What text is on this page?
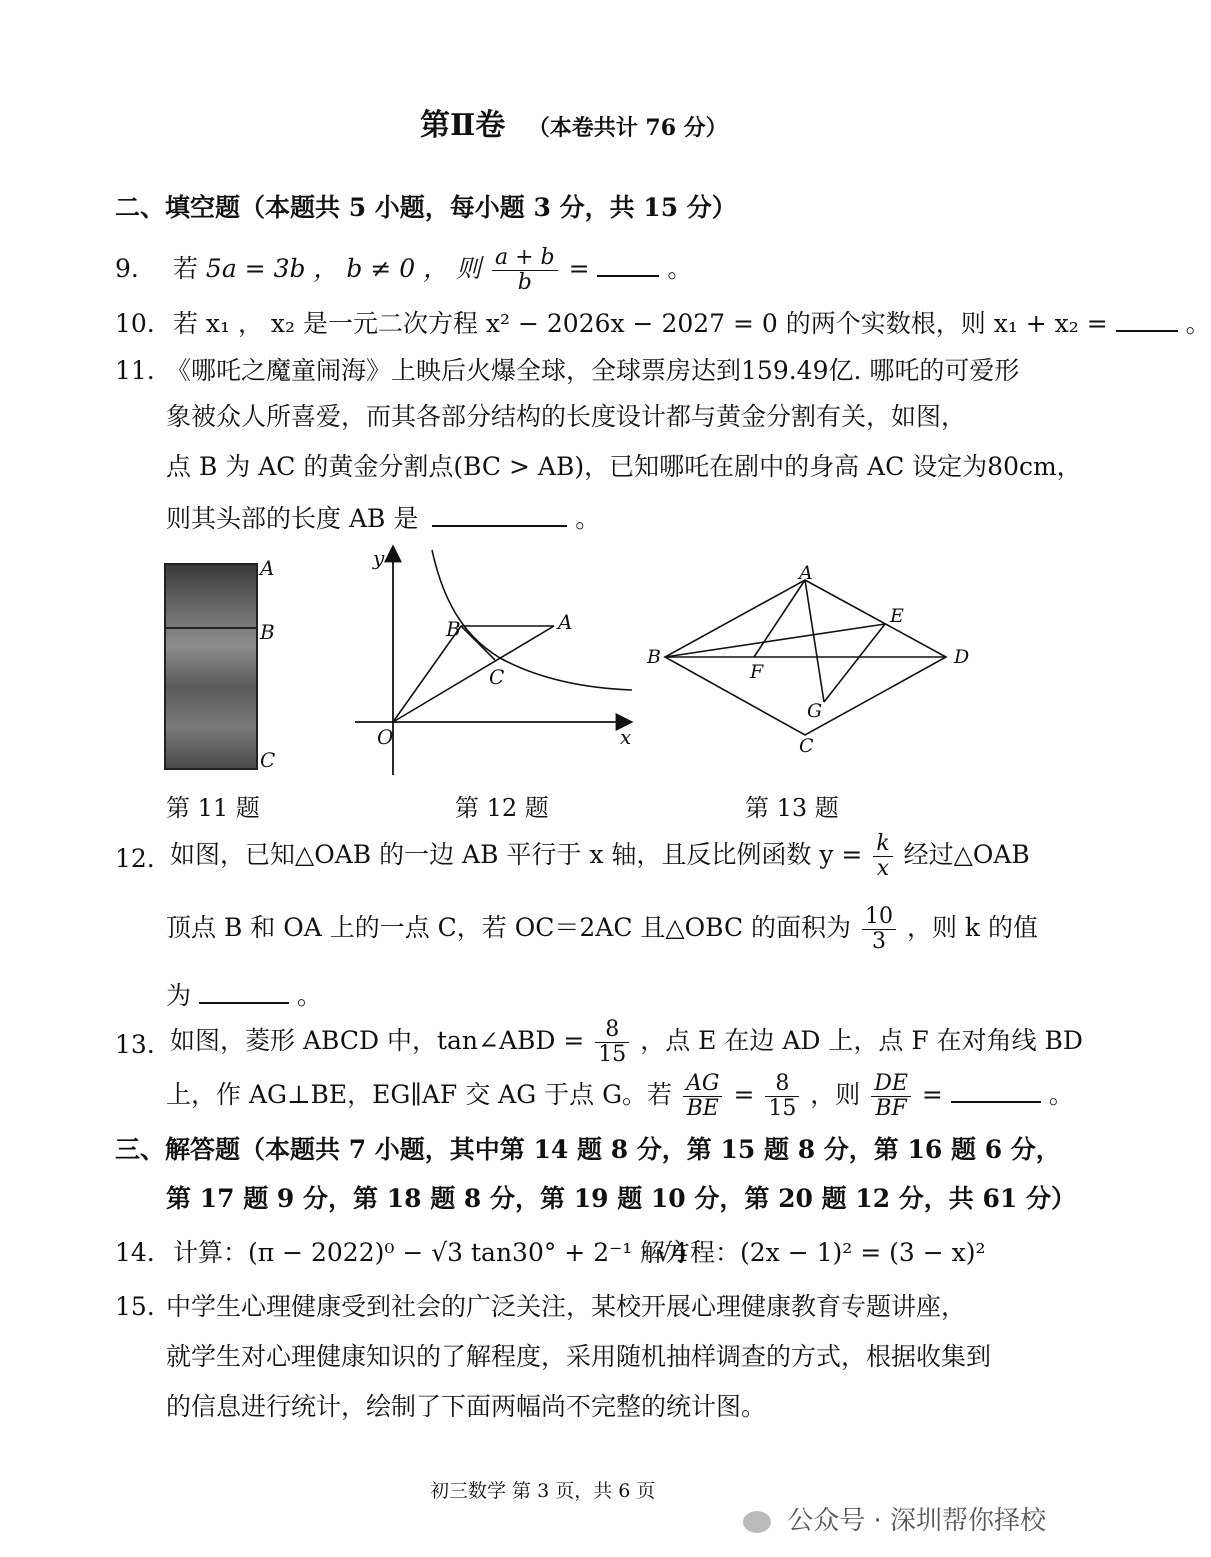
第Ⅱ卷 （本卷共计 76 分）
二、填空题（本题共 5 小题，每小题 3 分，共 15 分）
9. 若 5a = 3b ， b ≠ 0 ， 则 $\frac{a + b}{b}$ =	。
10. 若 x₁ ， x₂ 是一元二次方程 x² − 2026x − 2027 = 0 的两个实数根，则 x₁ + x₂ =	。
11. 《哪吒之魔童闹海》上映后火爆全球，全球票房达到159.49亿. 哪吒的可爱形
象被众人所喜爱，而其各部分结构的长度设计都与黄金分割有关，如图，
点 B 为 AC 的黄金分割点(BC > AB)，已知哪吒在剧中的身高 AC 设定为80cm，
则其头部的长度 AB 是	。
A
B
C
y
x
O
A
B
C
A
B
C
D
E
F
G
第 11 题	第 12 题	第 13 题
12. 如图，已知△OAB 的一边 AB 平行于 x 轴，且反比例函数 $y = \frac{k}{x}$ 经过△OAB
顶点 B 和 OA 上的一点 C，若 OC＝2AC 且△OBC 的面积为 $\frac{10}{3}$ ，则 k 的值
为	。
13. 如图，菱形 ABCD 中，tan∠ABD = $\frac{8}{15}$ ，点 E 在边 AD 上，点 F 在对角线 BD
上，作 AG⊥BE，EG∥AF 交 AG 于点 G。若 $\frac{AG}{BE} = \frac{8}{15}$ ，则 $\frac{DE}{BF}$ =	。
三、解答题（本题共 7 小题，其中第 14 题 8 分，第 15 题 8 分，第 16 题 6 分，
第 17 题 9 分，第 18 题 8 分，第 19 题 10 分，第 20 题 12 分，共 61 分）
14. 计算：(π − 2022)⁰ − √3 tan30° + 2⁻¹ · √4
解方程：(2x − 1)² = (3 − x)²
15. 中学生心理健康受到社会的广泛关注，某校开展心理健康教育专题讲座，
就学生对心理健康知识的了解程度，采用随机抽样调查的方式，根据收集到
的信息进行统计，绘制了下面两幅尚不完整的统计图。
初三数学 第 3 页，共 6 页
公众号 · 深圳帮你择校
